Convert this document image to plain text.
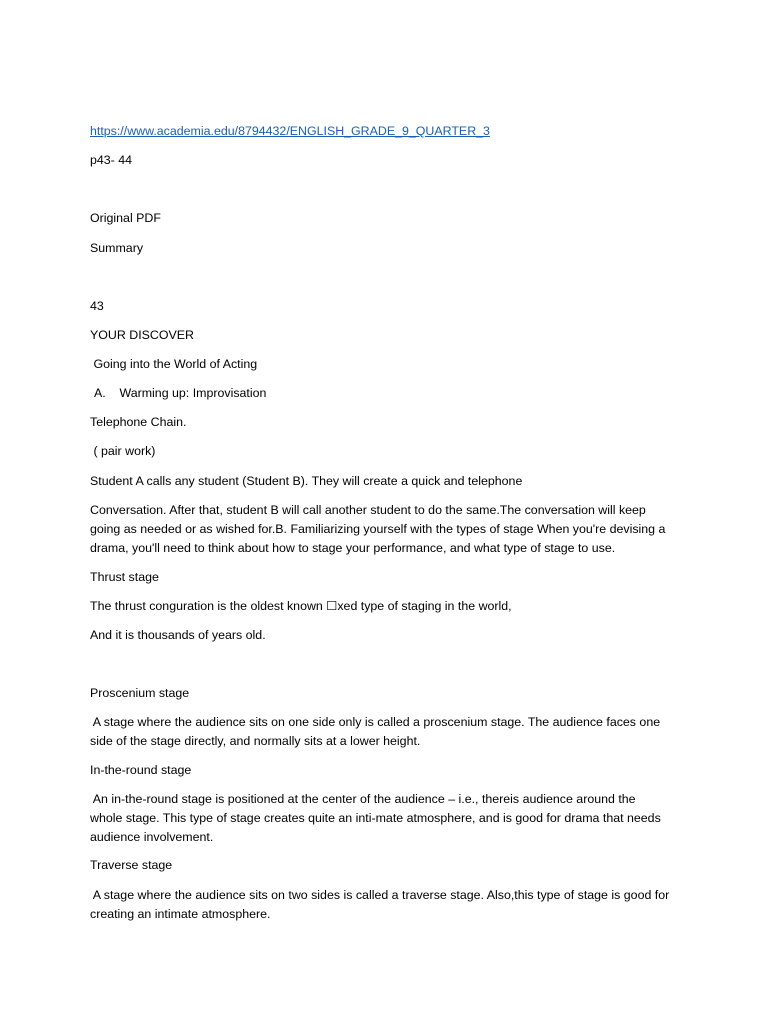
https://www.academia.edu/8794432/ENGLISH_GRADE_9_QUARTER_3

p43- 44

Original PDF

Summary

43

YOUR DISCOVER

Going into the World of Acting

A.    Warming up: Improvisation

Telephone Chain.

( pair work)

Student A calls any student (Student B). They will create a quick and telephone

Conversation. After that, student B will call another student to do the same.The conversation will keep

going as needed or as wished for.B. Familiarizing yourself with the types of stage When you're devising a

drama, you'll need to think about how to stage your performance, and what type of stage to use.

Thrust stage

The thrust conguration is the oldest known ☐xed type of staging in the world,

And it is thousands of years old.

Proscenium stage

A stage where the audience sits on one side only is called a proscenium stage. The audience faces one

side of the stage directly, and normally sits at a lower height.

In-the-round stage

An in-the-round stage is positioned at the center of the audience – i.e., thereis audience around the

whole stage. This type of stage creates quite an inti-mate atmosphere, and is good for drama that needs

audience involvement.

Traverse stage

A stage where the audience sits on two sides is called a traverse stage. Also,this type of stage is good for

creating an intimate atmosphere.
